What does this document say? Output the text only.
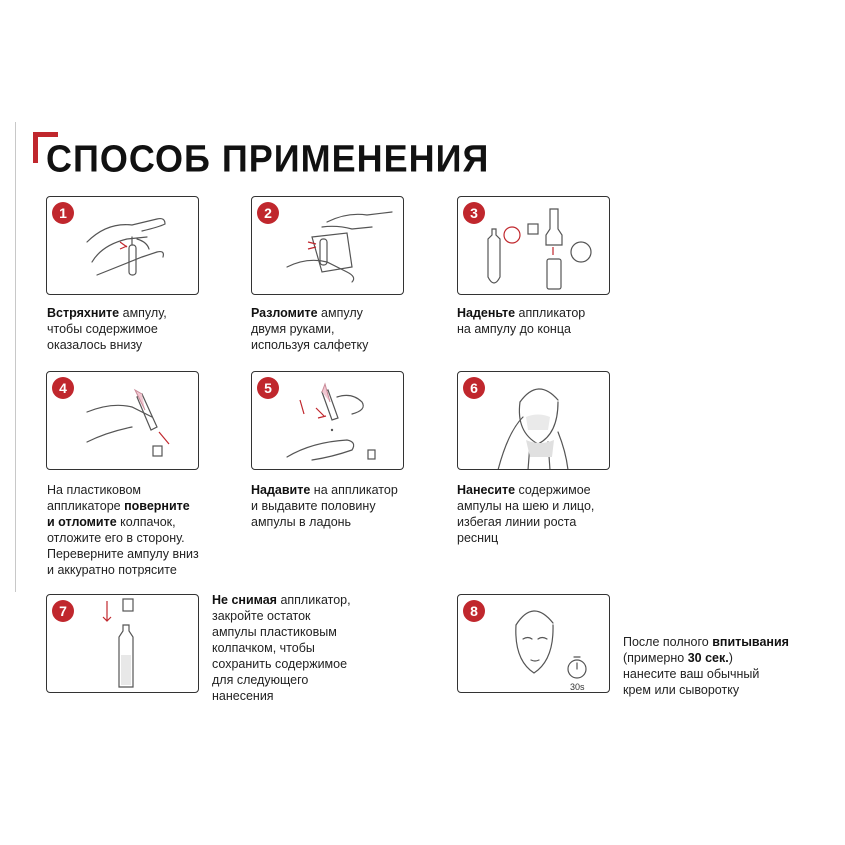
СПОСОБ ПРИМЕНЕНИЯ
1
Встряхните ампулу,
чтобы содержимое
оказалось внизу
2
Разломите ампулу
двумя руками,
используя салфетку
3
Наденьте аппликатор
на ампулу до конца
4
На пластиковом
аппликаторе поверните
и отломите колпачок,
отложите его в сторону.
Переверните ампулу вниз
и аккуратно потрясите
5
Надавите на аппликатор
и выдавите половину
ампулы в ладонь
6
Нанесите содержимое
ампулы на шею и лицо,
избегая линии роста
ресниц
7
Не снимая аппликатор,
закройте остаток
ампулы пластиковым
колпачком, чтобы
сохранить содержимое
для следующего
нанесения
30s
8
После полного впитывания
(примерно 30 сек.)
нанесите ваш обычный
крем или сыворотку
